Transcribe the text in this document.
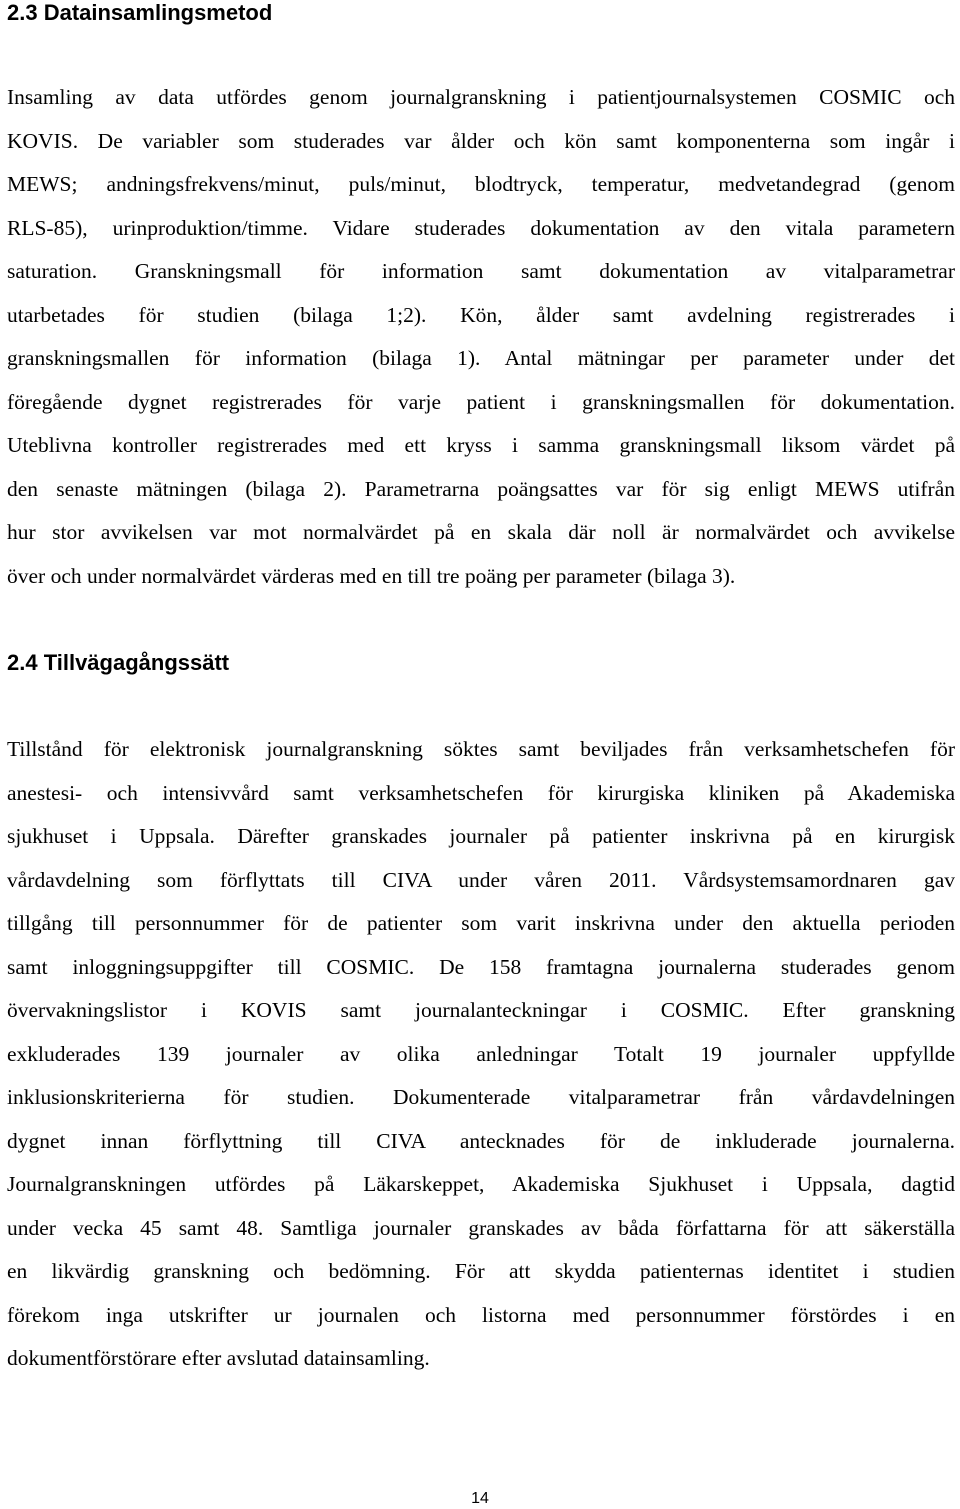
2.3 Datainsamlingsmetod
Insamling av data utfördes genom journalgranskning i patientjournalsystemen COSMIC och
KOVIS. De variabler som studerades var ålder och kön samt komponenterna som ingår i
MEWS; andningsfrekvens/minut, puls/minut, blodtryck, temperatur, medvetandegrad (genom
RLS-85), urinproduktion/timme. Vidare studerades dokumentation av den vitala parametern
saturation. Granskningsmall för information samt dokumentation av vitalparametrar
utarbetades för studien (bilaga 1;2). Kön, ålder samt avdelning registrerades i
granskningsmallen för information (bilaga 1). Antal mätningar per parameter under det
föregående dygnet registrerades för varje patient i granskningsmallen för dokumentation.
Uteblivna kontroller registrerades med ett kryss i samma granskningsmall liksom värdet på
den senaste mätningen (bilaga 2). Parametrarna poängsattes var för sig enligt MEWS utifrån
hur stor avvikelsen var mot normalvärdet på en skala där noll är normalvärdet och avvikelse
över och under normalvärdet värderas med en till tre poäng per parameter (bilaga 3).
2.4 Tillvägagångssätt
Tillstånd för elektronisk journalgranskning söktes samt beviljades från verksamhetschefen för
anestesi- och intensivvård samt verksamhetschefen för kirurgiska kliniken på Akademiska
sjukhuset i Uppsala. Därefter granskades journaler på patienter inskrivna på en kirurgisk
vårdavdelning som förflyttats till CIVA under våren 2011. Vårdsystemsamordnaren gav
tillgång till personnummer för de patienter som varit inskrivna under den aktuella perioden
samt inloggningsuppgifter till COSMIC. De 158 framtagna journalerna studerades genom
övervakningslistor i KOVIS samt journalanteckningar i COSMIC. Efter granskning
exkluderades 139 journaler av olika anledningar Totalt 19 journaler uppfyllde
inklusionskriterierna för studien. Dokumenterade vitalparametrar från vårdavdelningen
dygnet innan förflyttning till CIVA antecknades för de inkluderade journalerna.
Journalgranskningen utfördes på Läkarskeppet, Akademiska Sjukhuset i Uppsala, dagtid
under vecka 45 samt 48. Samtliga journaler granskades av båda författarna för att säkerställa
en likvärdig granskning och bedömning. För att skydda patienternas identitet i studien
förekom inga utskrifter ur journalen och listorna med personnummer förstördes i en
dokumentförstörare efter avslutad datainsamling.
14
